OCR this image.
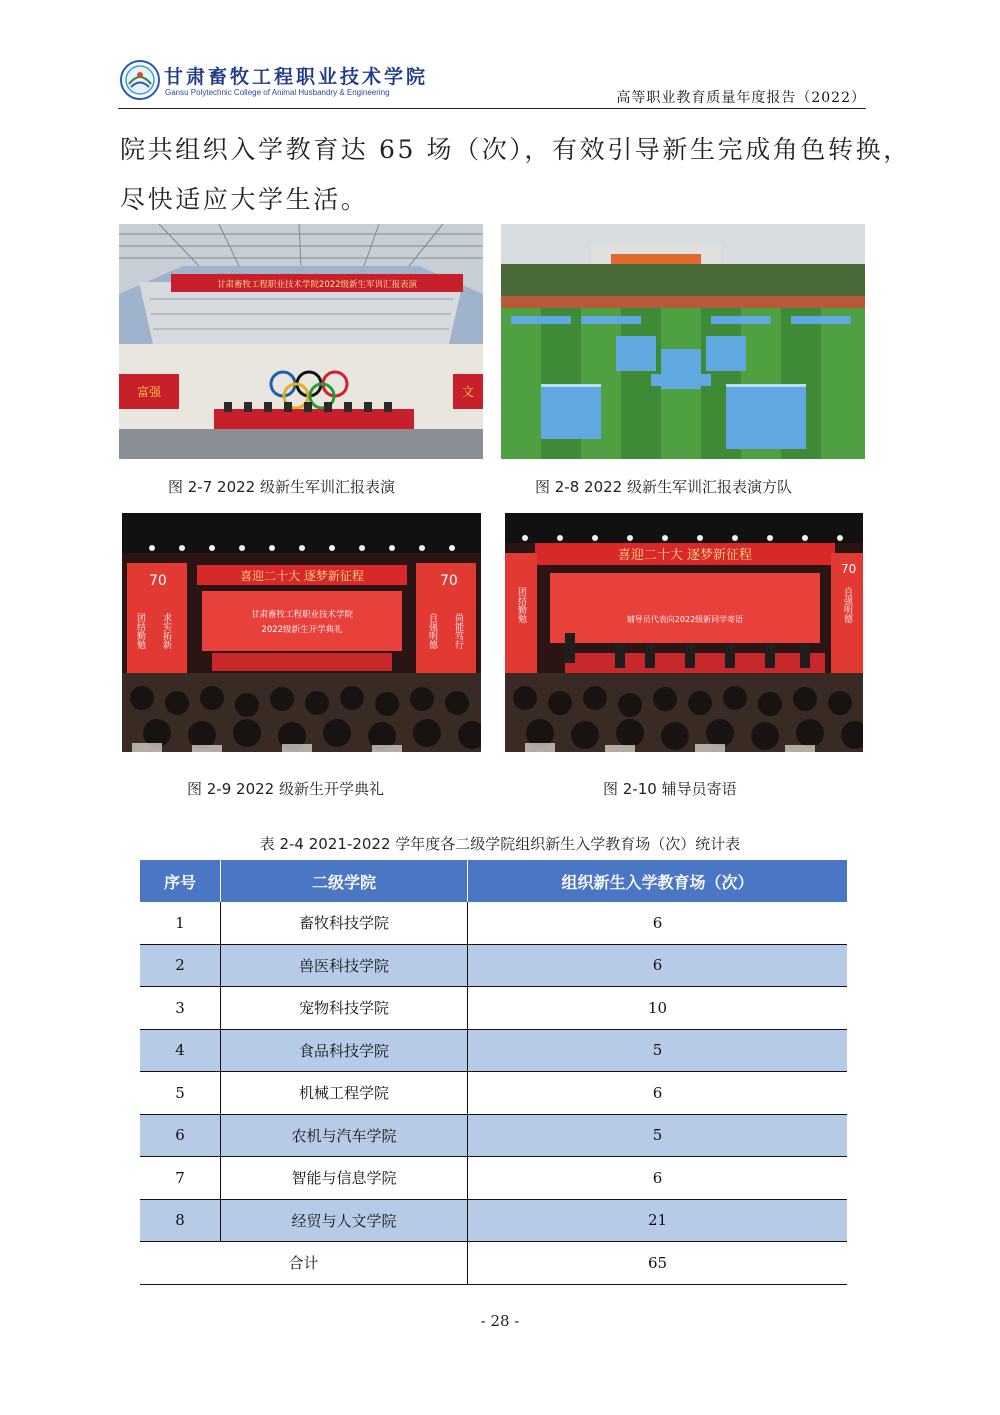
甘肃畜牧工程职业技术学院
Gansu Polytechnic College of Animal Husbandry & Engineering	高等职业教育质量年度报告（2022）
院共组织入学教育达 65 场（次），有效引导新生完成角色转换，
尽快适应大学生活。
甘肃畜牧工程职业技术学院2022级新生军训汇报表演
富强	文
图 2-7 2022 级新生军训汇报表演	图 2-8 2022 级新生军训汇报表演方队
喜迎二十大 逐梦新征程
70
团结勤勉 求实拓新
70
自强明德 尚能笃行
甘肃畜牧工程职业技术学院
2022级新生开学典礼
图 2-9 2022 级新生开学典礼
喜迎二十大 逐梦新征程
团结勤勉
70
自强明德
辅导员代表向2022级新同学寄语
图 2-10 辅导员寄语
表 2-4 2021-2022 学年度各二级学院组织新生入学教育场（次）统计表
序号	二级学院	组织新生入学教育场（次）
1	畜牧科技学院	6
2	兽医科技学院	6
3	宠物科技学院	10
4	食品科技学院	5
5	机械工程学院	6
6	农机与汽车学院	5
7	智能与信息学院	6
8	经贸与人文学院	21
合计		65
- 28 -
